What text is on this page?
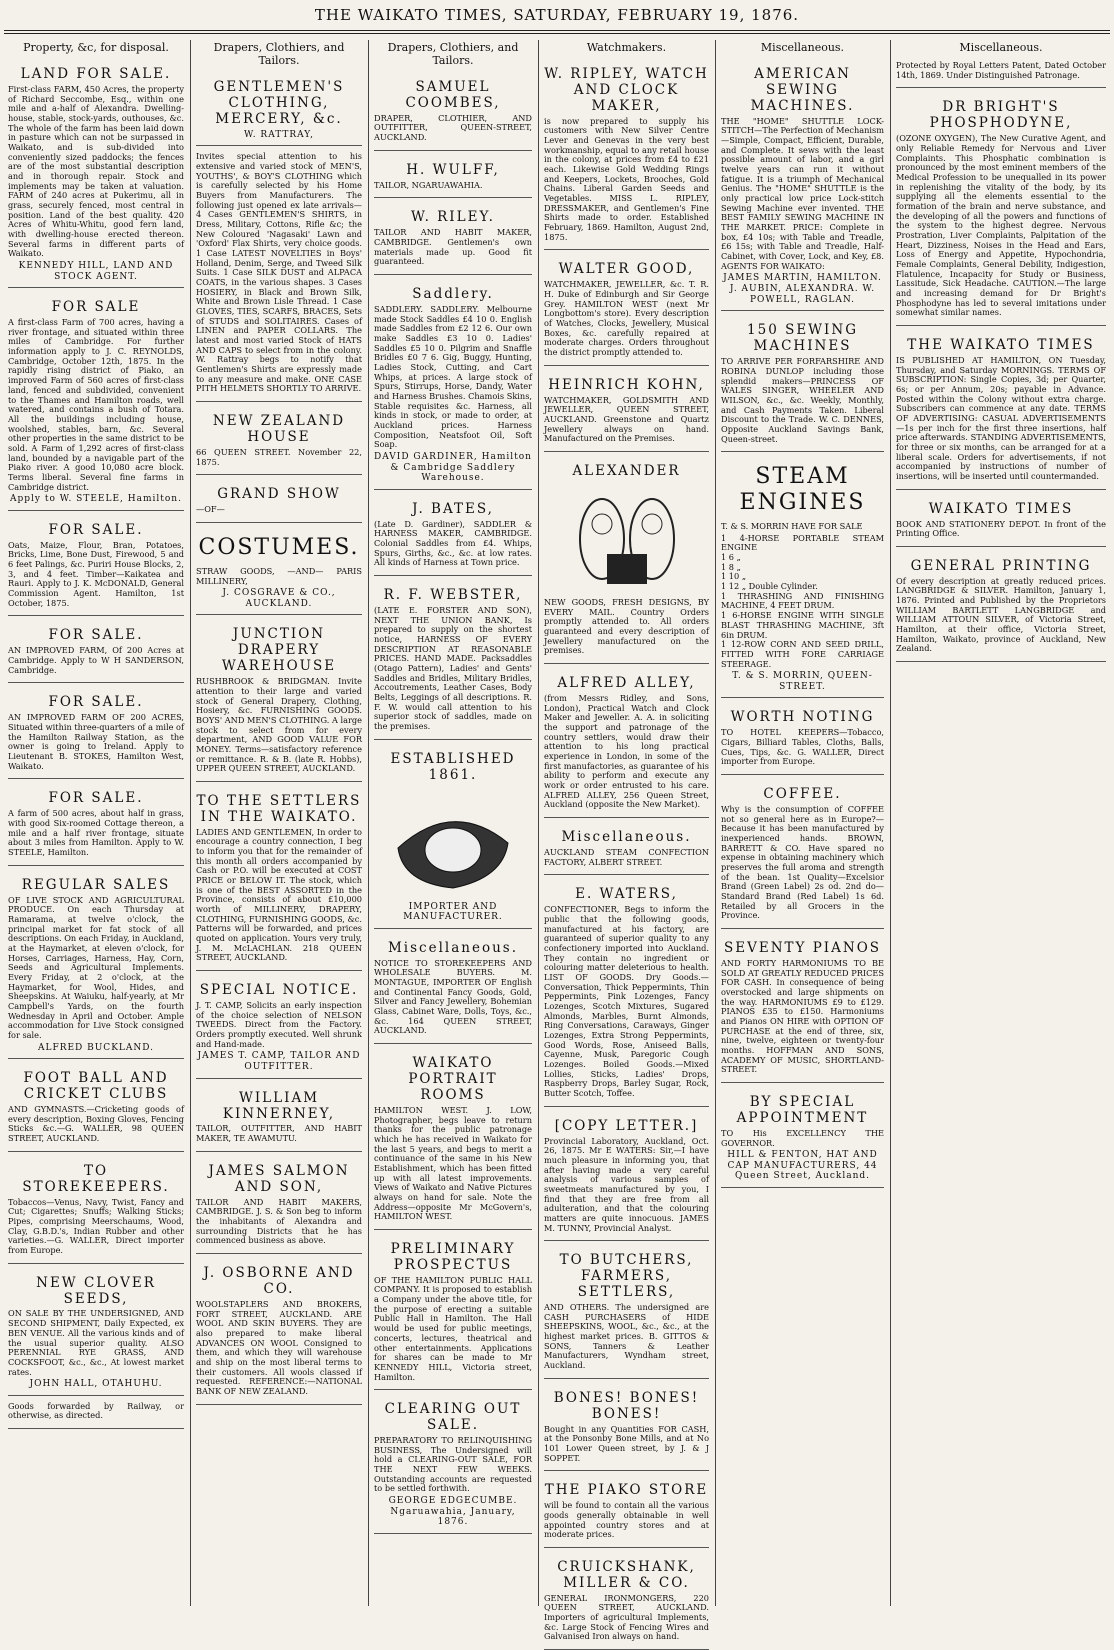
THE WAIKATO TIMES, SATURDAY, FEBRUARY 19, 1876.
Property, &c, for disposal.
LAND FOR SALE.

First-class FARM, 450 Acres, the property of Richard Seccombe, Esq., within one mile and a-half of Alexandra. Dwelling-house, stable, stock-yards, outhouses, &c. The whole of the farm has been laid down in pasture which can not be surpassed in Waikato, and is sub-divided into conveniently sized paddocks; the fences are of the most substantial description and in thorough repair. Stock and implements may be taken at valuation. FARM of 240 acres at Pukerimu, all in grass, securely fenced, most central in position. Land of the best quality. 420 Acres of Whitu-Whitu, good fern land, with dwelling-house erected thereon. Several farms in different parts of Waikato.

KENNEDY HILL, LAND AND STOCK AGENT.
FOR SALE

A first-class Farm of 700 acres, having a river frontage, and situated within three miles of Cambridge. For further information apply to J. C. REYNOLDS, Cambridge, October 12th, 1875. In the rapidly rising district of Piako, an improved Farm of 560 acres of first-class land, fenced and subdivided, convenient to the Thames and Hamilton roads, well watered, and contains a bush of Totara. All the buildings including house, woolshed, stables, barn, &c. Several other properties in the same district to be sold. A Farm of 1,292 acres of first-class land, bounded by a navigable part of the Piako river. A good 10,080 acre block. Terms liberal. Several fine farms in Cambridge district.

Apply to W. STEELE, Hamilton.
FOR SALE.

Oats, Maize, Flour, Bran, Potatoes, Bricks, Lime, Bone Dust, Firewood, 5 and 6 feet Palings, &c. Puriri House Blocks, 2, 3, and 4 feet. Timber—Kaikatea and Rauri. Apply to J. K. McDONALD, General Commission Agent. Hamilton, 1st October, 1875.

FOR SALE.

AN IMPROVED FARM, Of 200 Acres at Cambridge. Apply to W H SANDERSON, Cambridge.

FOR SALE.

AN IMPROVED FARM OF 200 ACRES, Situated within three-quarters of a mile of the Hamilton Railway Station, as the owner is going to Ireland. Apply to Lieutenant B. STOKES, Hamilton West, Waikato.

FOR SALE.

A farm of 500 acres, about half in grass, with good Six-roomed Cottage thereon, a mile and a half river frontage, situate about 3 miles from Hamilton. Apply to W. STEELE, Hamilton.

REGULAR SALES

OF LIVE STOCK AND AGRICULTURAL PRODUCE. On each Thursday at Ramarama, at twelve o'clock, the principal market for fat stock of all descriptions. On each Friday, in Auckland, at the Haymarket, at eleven o'clock, for Horses, Carriages, Harness, Hay, Corn, Seeds and Agricultural Implements. Every Friday, at 2 o'clock, at the Haymarket, for Wool, Hides, and Sheepskins. At Waiuku, half-yearly, at Mr Campbell's Yards, on the fourth Wednesday in April and October. Ample accommodation for Live Stock consigned for sale.

ALFRED BUCKLAND.
FOOT BALL AND CRICKET CLUBS

AND GYMNASTS.—Cricketing goods of every description, Boxing Gloves, Fencing Sticks &c.—G. WALLER, 98 QUEEN STREET, AUCKLAND.

TO STOREKEEPERS.

Tobaccos—Venus, Navy, Twist, Fancy and Cut; Cigarettes; Snuffs; Walking Sticks; Pipes, comprising Meerschaums, Wood, Clay, G.B.D.'s, Indian Rubber and other varieties.—G. WALLER, Direct importer from Europe.

NEW CLOVER SEEDS,

ON SALE BY THE UNDERSIGNED, AND SECOND SHIPMENT, Daily Expected, ex BEN VENUE. All the various kinds and of the usual superior quality. ALSO PERENNIAL RYE GRASS, AND COCKSFOOT, &c., &c., At lowest market rates.

JOHN HALL, OTAHUHU.

Goods forwarded by Railway, or otherwise, as directed.

Drapers, Clothiers, and Tailors.
GENTLEMEN'S CLOTHING, MERCERY, &c.
W. RATTRAY,

Invites special attention to his extensive and varied stock of MEN'S, YOUTHS', & BOY'S CLOTHING which is carefully selected by his Home Buyers from Manufacturers. The following just opened ex late arrivals—4 Cases GENTLEMEN'S SHIRTS, in Dress, Military, Cottons, Rifle &c; the New Coloured 'Nagasaki' Lawn and 'Oxford' Flax Shirts, very choice goods. 1 Case LATEST NOVELTIES in Boys' Holland, Denim, Serge, and Tweed Silk Suits. 1 Case SILK DUST and ALPACA COATS, in the various shapes. 3 Cases HOSIERY, in Black and Brown Silk, White and Brown Lisle Thread. 1 Case GLOVES, TIES, SCARFS, BRACES, Sets of STUDS and SOLITAIRES. Cases of LINEN and PAPER COLLARS. The latest and most varied Stock of HATS AND CAPS to select from in the colony. W. Rattray begs to notify that Gentlemen's Shirts are expressly made to any measure and make. ONE CASE PITH HELMETS SHORTLY TO ARRIVE.

NEW ZEALAND HOUSE

66 QUEEN STREET. November 22, 1875.

GRAND SHOW

—OF—

COSTUMES.

STRAW GOODS, —AND— PARIS MILLINERY,

J. COSGRAVE & CO., AUCKLAND.
JUNCTION DRAPERY WAREHOUSE

RUSHBROOK & BRIDGMAN. Invite attention to their large and varied stock of General Drapery, Clothing, Hosiery, &c. FURNISHING GOODS. BOYS' AND MEN'S CLOTHING. A large stock to select from for every department, AND GOOD VALUE FOR MONEY. Terms—satisfactory reference or remittance. R. & B. (late R. Hobbs), UPPER QUEEN STREET, AUCKLAND.

TO THE SETTLERS IN THE WAIKATO.

LADIES AND GENTLEMEN, In order to encourage a country connection, I beg to inform you that for the remainder of this month all orders accompanied by Cash or P.O. will be executed at COST PRICE or BELOW IT. The stock, which is one of the BEST ASSORTED in the Province, consists of about £10,000 worth of MILLINERY, DRAPERY, CLOTHING, FURNISHING GOODS, &c. Patterns will be forwarded, and prices quoted on application. Yours very truly, J. M. McLACHLAN. 218 QUEEN STREET, AUCKLAND.

SPECIAL NOTICE.

J. T. CAMP, Solicits an early inspection of the choice selection of NELSON TWEEDS. Direct from the Factory. Orders promptly executed. Well shrunk and Hand-made.

JAMES T. CAMP, TAILOR AND OUTFITTER.
WILLIAM KINNERNEY,

TAILOR, OUTFITTER, AND HABIT MAKER, TE AWAMUTU.

JAMES SALMON AND SON,

TAILOR AND HABIT MAKERS, CAMBRIDGE. J. S. & Son beg to inform the inhabitants of Alexandra and surrounding Districts that he has commenced business as above.

J. OSBORNE AND CO.

WOOLSTAPLERS AND BROKERS, FORT STREET, AUCKLAND. ARE WOOL AND SKIN BUYERS. They are also prepared to make liberal ADVANCES ON WOOL Consigned to them, and which they will warehouse and ship on the most liberal terms to their customers. All wools classed if requested. REFERENCE:—NATIONAL BANK OF NEW ZEALAND.

Drapers, Clothiers, and Tailors.
SAMUEL COOMBES,

DRAPER, CLOTHIER, AND OUTFITTER, QUEEN-STREET, AUCKLAND.

H. WULFF,

TAILOR, NGARUAWAHIA.

W. RILEY.

TAILOR AND HABIT MAKER, CAMBRIDGE. Gentlemen's own materials made up. Good fit guaranteed.

Saddlery.

SADDLERY. SADDLERY. Melbourne made Stock Saddles £4 10 0. English made Saddles from £2 12 6. Our own make Saddles £3 10 0. Ladies' Saddles £5 10 0. Pilgrim and Snaffle Bridles £0 7 6. Gig, Buggy, Hunting, Ladies Stock, Cutting, and Cart Whips, at prices. A large stock of Spurs, Stirrups, Horse, Dandy, Water and Harness Brushes. Chamois Skins, Stable requisites &c. Harness, all kinds in stock, or made to order, at Auckland prices. Harness Composition, Neatsfoot Oil, Soft Soap.

DAVID GARDINER, Hamilton & Cambridge Saddlery Warehouse.
J. BATES,

(Late D. Gardiner), SADDLER & HARNESS MAKER, CAMBRIDGE. Colonial Saddles from £4. Whips, Spurs, Girths, &c., &c. at low rates. All kinds of Harness at Town price.

R. F. WEBSTER,

(LATE E. FORSTER AND SON), NEXT THE UNION BANK, Is prepared to supply on the shortest notice, HARNESS OF EVERY DESCRIPTION AT REASONABLE PRICES. HAND MADE. Packsaddles (Otago Pattern), Ladies' and Gents' Saddles and Bridles, Military Bridles, Accoutrements, Leather Cases, Body Belts, Leggings of all descriptions. R. F. W. would call attention to his superior stock of saddles, made on the premises.

ESTABLISHED 1861.
IMPORTER AND MANUFACTURER.
Miscellaneous.

NOTICE TO STOREKEEPERS AND WHOLESALE BUYERS. M. MONTAGUE, IMPORTER OF English and Continental Fancy Goods, Gold, Silver and Fancy Jewellery, Bohemian Glass, Cabinet Ware, Dolls, Toys, &c., &c. 164 QUEEN STREET, AUCKLAND.

WAIKATO PORTRAIT ROOMS

HAMILTON WEST. J. LOW, Photographer, begs leave to return thanks for the public patronage which he has received in Waikato for the last 5 years, and begs to merit a continuance of the same in his New Establishment, which has been fitted up with all latest improvements. Views of Waikato and Native Pictures always on hand for sale. Note the Address—opposite Mr McGovern's, HAMILTON WEST.

PRELIMINARY PROSPECTUS

OF THE HAMILTON PUBLIC HALL COMPANY. It is proposed to establish a Company under the above title, for the purpose of erecting a suitable Public Hall in Hamilton. The Hall would be used for public meetings, concerts, lectures, theatrical and other entertainments. Applications for shares can be made to Mr KENNEDY HILL, Victoria street, Hamilton.

CLEARING OUT SALE.

PREPARATORY TO RELINQUISHING BUSINESS, The Undersigned will hold a CLEARING-OUT SALE, FOR THE NEXT FEW WEEKS. Outstanding accounts are requested to be settled forthwith.

GEORGE EDGECUMBE. Ngaruawahia, January, 1876.
Watchmakers.
W. RIPLEY, WATCH AND CLOCK MAKER,

is now prepared to supply his customers with New Silver Centre Lever and Genevas in the very best workmanship, equal to any retail house in the colony, at prices from £4 to £21 each. Likewise Gold Wedding Rings and Keepers, Lockets, Brooches, Gold Chains. Liberal Garden Seeds and Vegetables. MISS L. RIPLEY, DRESSMAKER, and Gentlemen's Fine Shirts made to order. Established February, 1869. Hamilton, August 2nd, 1875.

WALTER GOOD,

WATCHMAKER, JEWELLER, &c. T. R. H. Duke of Edinburgh and Sir George Grey. HAMILTON WEST (next Mr Longbottom's store). Every description of Watches, Clocks, Jewellery, Musical Boxes, &c. carefully repaired at moderate charges. Orders throughout the district promptly attended to.

HEINRICH KOHN,

WATCHMAKER, GOLDSMITH AND JEWELLER, QUEEN STREET, AUCKLAND. Greenstone and Quartz Jewellery always on hand. Manufactured on the Premises.

ALEXANDER

NEW GOODS, FRESH DESIGNS, BY EVERY MAIL. Country Orders promptly attended to. All orders guaranteed and every description of Jewellery manufactured on the premises.

ALFRED ALLEY,

(from Messrs Ridley, and Sons, London), Practical Watch and Clock Maker and Jeweller. A. A. in soliciting the support and patronage of the country settlers, would draw their attention to his long practical experience in London, in some of the first manufactories, as guarantee of his ability to perform and execute any work or order entrusted to his care. ALFRED ALLEY, 256 Queen Street, Auckland (opposite the New Market).

Miscellaneous.

AUCKLAND STEAM CONFECTION FACTORY, ALBERT STREET.

E. WATERS,

CONFECTIONER, Begs to inform the public that the following goods, manufactured at his factory, are guaranteed of superior quality to any confectionery imported into Auckland. They contain no ingredient or colouring matter deleterious to health. LIST OF GOODS. Dry Goods.—Conversation, Thick Peppermints, Thin Peppermints, Pink Lozenges, Fancy Lozenges, Scotch Mixtures, Sugared Almonds, Marbles, Burnt Almonds, Ring Conversations, Caraways, Ginger Lozenges, Extra Strong Peppermints, Good Words, Rose, Aniseed Balls, Cayenne, Musk, Paregoric Cough Lozenges. Boiled Goods.—Mixed Lollies, Sticks, Ladies' Drops, Raspberry Drops, Barley Sugar, Rock, Butter Scotch, Toffee.

[COPY LETTER.]

Provincial Laboratory, Auckland, Oct. 26, 1875. Mr E WATERS: Sir,—I have much pleasure in informing you, that after having made a very careful analysis of various samples of sweetmeats manufactured by you, I find that they are free from all adulteration, and that the colouring matters are quite innocuous. JAMES M. TUNNY, Provincial Analyst.

TO BUTCHERS, FARMERS, SETTLERS,

AND OTHERS. The undersigned are CASH PURCHASERS of HIDE SHEEPSKINS, WOOL, &c., &c., at the highest market prices. B. GITTOS & SONS, Tanners & Leather Manufacturers, Wyndham street, Auckland.

BONES! BONES! BONES!

Bought in any Quantities FOR CASH, at the Ponsonby Bone Mills, and at No 101 Lower Queen street, by J. & J SOPPET.

THE PIAKO STORE

will be found to contain all the various goods generally obtainable in well appointed country stores and at moderate prices.

CRUICKSHANK, MILLER & CO.

GENERAL IRONMONGERS, 220 QUEEN STREET, AUCKLAND. Importers of agricultural Implements, &c. Large Stock of Fencing Wires and Galvanised Iron always on hand.

Miscellaneous.
AMERICAN SEWING MACHINES.

THE "HOME" SHUTTLE LOCK-STITCH—The Perfection of Mechanism—Simple, Compact, Efficient, Durable, and Complete. It sews with the least possible amount of labor, and a girl twelve years can run it without fatigue. It is a triumph of Mechanical Genius. The "HOME" SHUTTLE is the only practical low price Lock-stitch Sewing Machine ever invented. THE BEST FAMILY SEWING MACHINE IN THE MARKET. PRICE: Complete in box, £4 10s; with Table and Treadle, £6 15s; with Table and Treadle, Half-Cabinet, with Cover, Lock, and Key, £8. AGENTS FOR WAIKATO:

JAMES MARTIN, HAMILTON. J. AUBIN, ALEXANDRA. W. POWELL, RAGLAN.
150 SEWING MACHINES

TO ARRIVE PER FORFARSHIRE AND ROBINA DUNLOP including those splendid makers—PRINCESS OF WALES SINGER, WHEELER AND WILSON, &c., &c. Weekly, Monthly, and Cash Payments Taken. Liberal Discount to the Trade. W. C. DENNES, Opposite Auckland Savings Bank, Queen-street.

STEAM ENGINES

T. & S. MORRIN HAVE FOR SALE

1 4-HORSE PORTABLE STEAM ENGINE
1 6 „
1 8 „
1 10 „
1 12 „ Double Cylinder.
1 THRASHING AND FINISHING MACHINE, 4 FEET DRUM.
1 6-HORSE ENGINE WITH SINGLE BLAST THRASHING MACHINE, 3ft 6in DRUM.
1 12-ROW CORN AND SEED DRILL, FITTED WITH FORE CARRIAGE STEERAGE.
T. & S. MORRIN, QUEEN-STREET.
WORTH NOTING

TO HOTEL KEEPERS—Tobacco, Cigars, Billiard Tables, Cloths, Balls, Cues, Tips, &c. G. WALLER, Direct importer from Europe.

COFFEE.

Why is the consumption of COFFEE not so general here as in Europe?—Because it has been manufactured by inexperienced hands. BROWN, BARRETT & CO. Have spared no expense in obtaining machinery which preserves the full aroma and strength of the bean. 1st Quality—Excelsior Brand (Green Label) 2s od. 2nd do—Standard Brand (Red Label) 1s 6d. Retailed by all Grocers in the Province.

SEVENTY PIANOS

AND FORTY HARMONIUMS TO BE SOLD AT GREATLY REDUCED PRICES FOR CASH. In consequence of being overstocked and large shipments on the way. HARMONIUMS £9 to £129. PIANOS £35 to £150. Harmoniums and Pianos ON HIRE with OPTION OF PURCHASE at the end of three, six, nine, twelve, eighteen or twenty-four months. HOFFMAN AND SONS, ACADEMY OF MUSIC, SHORTLAND-STREET.

BY SPECIAL APPOINTMENT

TO His EXCELLENCY THE GOVERNOR.

HILL & FENTON, HAT AND CAP MANUFACTURERS, 44 Queen Street, Auckland.
Miscellaneous.

Protected by Royal Letters Patent, Dated October 14th, 1869. Under Distinguished Patronage.

DR BRIGHT'S PHOSPHODYNE,

(OZONE OXYGEN), The New Curative Agent, and only Reliable Remedy for Nervous and Liver Complaints. This Phosphatic combination is pronounced by the most eminent members of the Medical Profession to be unequalled in its power in replenishing the vitality of the body, by its supplying all the elements essential to the formation of the brain and nerve substance, and the developing of all the powers and functions of the system to the highest degree. Nervous Prostration, Liver Complaints, Palpitation of the Heart, Dizziness, Noises in the Head and Ears, Loss of Energy and Appetite, Hypochondria, Female Complaints, General Debility, Indigestion, Flatulence, Incapacity for Study or Business, Lassitude, Sick Headache. CAUTION.—The large and increasing demand for Dr Bright's Phosphodyne has led to several imitations under somewhat similar names.

THE WAIKATO TIMES

IS PUBLISHED AT HAMILTON, ON Tuesday, Thursday, and Saturday MORNINGS. TERMS OF SUBSCRIPTION: Single Copies, 3d; per Quarter, 6s; or per Annum, 20s; payable in Advance. Posted within the Colony without extra charge. Subscribers can commence at any date. TERMS OF ADVERTISING: CASUAL ADVERTISEMENTS—1s per inch for the first three insertions, half price afterwards. STANDING ADVERTISEMENTS, for three or six months, can be arranged for at a liberal scale. Orders for advertisements, if not accompanied by instructions of number of insertions, will be inserted until countermanded.

WAIKATO TIMES

BOOK AND STATIONERY DEPOT. In front of the Printing Office.

GENERAL PRINTING

Of every description at greatly reduced prices. LANGBRIDGE & SILVER. Hamilton, January 1, 1876. Printed and Published by the Proprietors WILLIAM BARTLETT LANGBRIDGE and WILLIAM ATTOUN SILVER, of Victoria Street, Hamilton, at their office, Victoria Street, Hamilton, Waikato, province of Auckland, New Zealand.
